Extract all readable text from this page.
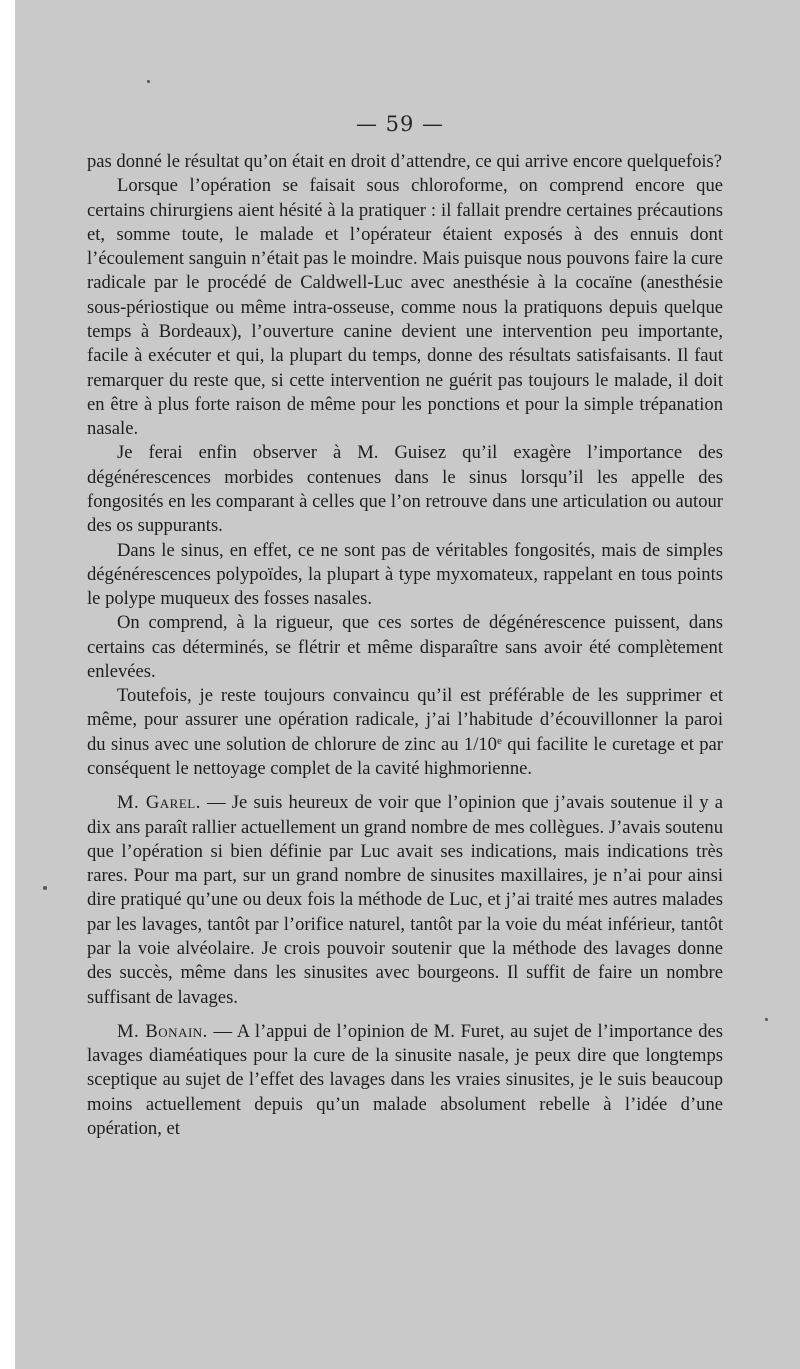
— 59 —

pas donné le résultat qu’on était en droit d’attendre, ce qui arrive encore quelquefois?

Lorsque l’opération se faisait sous chloroforme, on comprend encore que certains chirurgiens aient hésité à la pratiquer : il fallait prendre certaines précautions et, somme toute, le malade et l’opérateur étaient exposés à des ennuis dont l’écoulement sanguin n’était pas le moindre. Mais puisque nous pouvons faire la cure radicale par le procédé de Caldwell-Luc avec anesthésie à la cocaïne (anesthésie sous-périostique ou même intra-osseuse, comme nous la pratiquons depuis quelque temps à Bordeaux), l’ouverture canine devient une intervention peu importante, facile à exécuter et qui, la plupart du temps, donne des résultats satisfaisants. Il faut remarquer du reste que, si cette intervention ne guérit pas toujours le malade, il doit en être à plus forte raison de même pour les ponctions et pour la simple trépanation nasale.

Je ferai enfin observer à M. Guisez qu’il exagère l’importance des dégénérescences morbides contenues dans le sinus lorsqu’il les appelle des fongosités en les comparant à celles que l’on retrouve dans une articulation ou autour des os suppurants.

Dans le sinus, en effet, ce ne sont pas de véritables fongosités, mais de simples dégénérescences polypoïdes, la plupart à type myxomateux, rappelant en tous points le polype muqueux des fosses nasales.

On comprend, à la rigueur, que ces sortes de dégénérescence puissent, dans certains cas déterminés, se flétrir et même disparaître sans avoir été complètement enlevées.

Toutefois, je reste toujours convaincu qu’il est préférable de les supprimer et même, pour assurer une opération radicale, j’ai l’habitude d’écouvillonner la paroi du sinus avec une solution de chlorure de zinc au 1/10e qui facilite le curetage et par conséquent le nettoyage complet de la cavité highmorienne.

M. Garel. — Je suis heureux de voir que l’opinion que j’avais soutenue il y a dix ans paraît rallier actuellement un grand nombre de mes collègues. J’avais soutenu que l’opération si bien définie par Luc avait ses indications, mais indications très rares. Pour ma part, sur un grand nombre de sinusites maxillaires, je n’ai pour ainsi dire pratiqué qu’une ou deux fois la méthode de Luc, et j’ai traité mes autres malades par les lavages, tantôt par l’orifice naturel, tantôt par la voie du méat inférieur, tantôt par la voie alvéolaire. Je crois pouvoir soutenir que la méthode des lavages donne des succès, même dans les sinusites avec bourgeons. Il suffit de faire un nombre suffisant de lavages.

M. Bonain. — A l’appui de l’opinion de M. Furet, au sujet de l’importance des lavages diaméatiques pour la cure de la sinusite nasale, je peux dire que longtemps sceptique au sujet de l’effet des lavages dans les vraies sinusites, je le suis beaucoup moins actuellement depuis qu’un malade absolument rebelle à l’idée d’une opération, et
